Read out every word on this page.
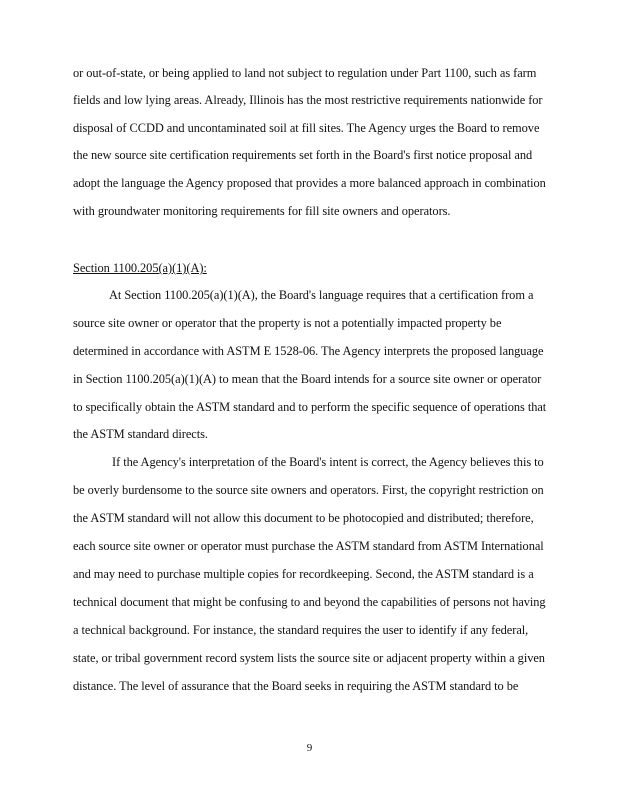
or out-of-state, or being applied to land not subject to regulation under Part 1100, such as farm
fields and low lying areas. Already, Illinois has the most restrictive requirements nationwide for
disposal of CCDD and uncontaminated soil at fill sites. The Agency urges the Board to remove
the new source site certification requirements set forth in the Board's first notice proposal and
adopt the language the Agency proposed that provides a more balanced approach in combination
with groundwater monitoring requirements for fill site owners and operators.
Section 1100.205(a)(1)(A):
At Section 1100.205(a)(1)(A), the Board's language requires that a certification from a
source site owner or operator that the property is not a potentially impacted property be
determined in accordance with ASTM E 1528-06. The Agency interprets the proposed language
in Section 1100.205(a)(1)(A) to mean that the Board intends for a source site owner or operator
to specifically obtain the ASTM standard and to perform the specific sequence of operations that
the ASTM standard directs.
If the Agency's interpretation of the Board's intent is correct, the Agency believes this to
be overly burdensome to the source site owners and operators. First, the copyright restriction on
the ASTM standard will not allow this document to be photocopied and distributed; therefore,
each source site owner or operator must purchase the ASTM standard from ASTM International
and may need to purchase multiple copies for recordkeeping. Second, the ASTM standard is a
technical document that might be confusing to and beyond the capabilities of persons not having
a technical background. For instance, the standard requires the user to identify if any federal,
state, or tribal government record system lists the source site or adjacent property within a given
distance. The level of assurance that the Board seeks in requiring the ASTM standard to be
9
